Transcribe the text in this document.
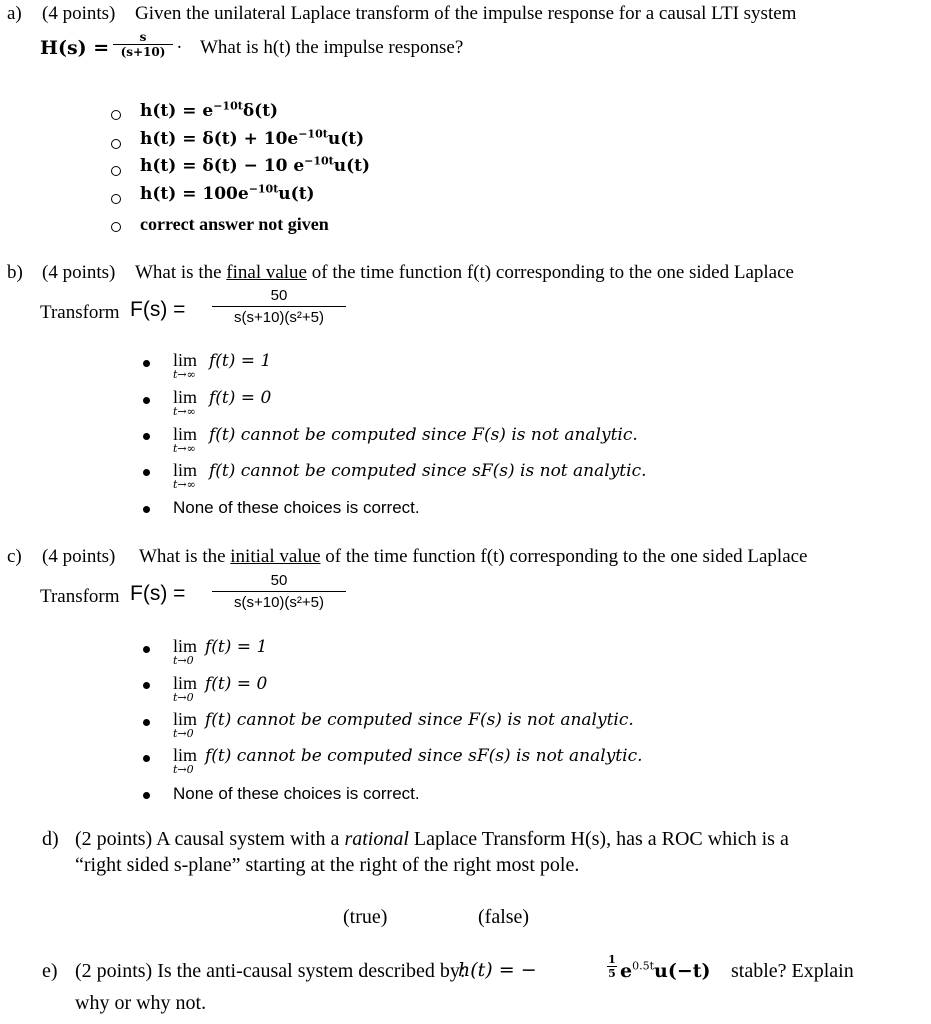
a) (4 points) Given the unilateral Laplace transform of the impulse response for a causal LTI system
H(s) =	s
(s+10) . What is h(t) the impulse response?
$h(t) = e^{-10t}\delta(t)$
$h(t) = \delta(t) + 10e^{-10t}u(t)$
h(t) = δ(t) − 10 $e^{-10t}u(t)$
$h(t) = 100e^{-10t}u(t)$
correct answer not given
b) (4 points) What is the final value of the time function f(t) corresponding to the one sided Laplace
Transform F(s) =
50
s(s+10)(s²+5)
lim
t→∞
f(t) = 1
lim
t→∞
f(t) = 0
lim
t→∞
f(t) cannot be computed since F(s) is not analytic.
lim
t→∞
f(t) cannot be computed since sF(s) is not analytic.
None of these choices is correct.
c) (4 points) What is the initial value of the time function f(t) corresponding to the one sided Laplace
Transform F(s) =
50
s(s+10)(s²+5)
lim
t→0
f(t) = 1
lim
t→0
f(t) = 0
lim
t→0
f(t) cannot be computed since F(s) is not analytic.
lim
t→0
f(t) cannot be computed since sF(s) is not analytic.
None of these choices is correct.
d) (2 points) A causal system with a rational Laplace Transform H(s), has a ROC which is a
“right sided s-plane” starting at the right of the right most pole.
(true)	(false)
e) (2 points) Is the anti-causal system described by:
h(t) = −	1
5 $e^{0.5t}u(-t)$ stable? Explain
why or why not.
